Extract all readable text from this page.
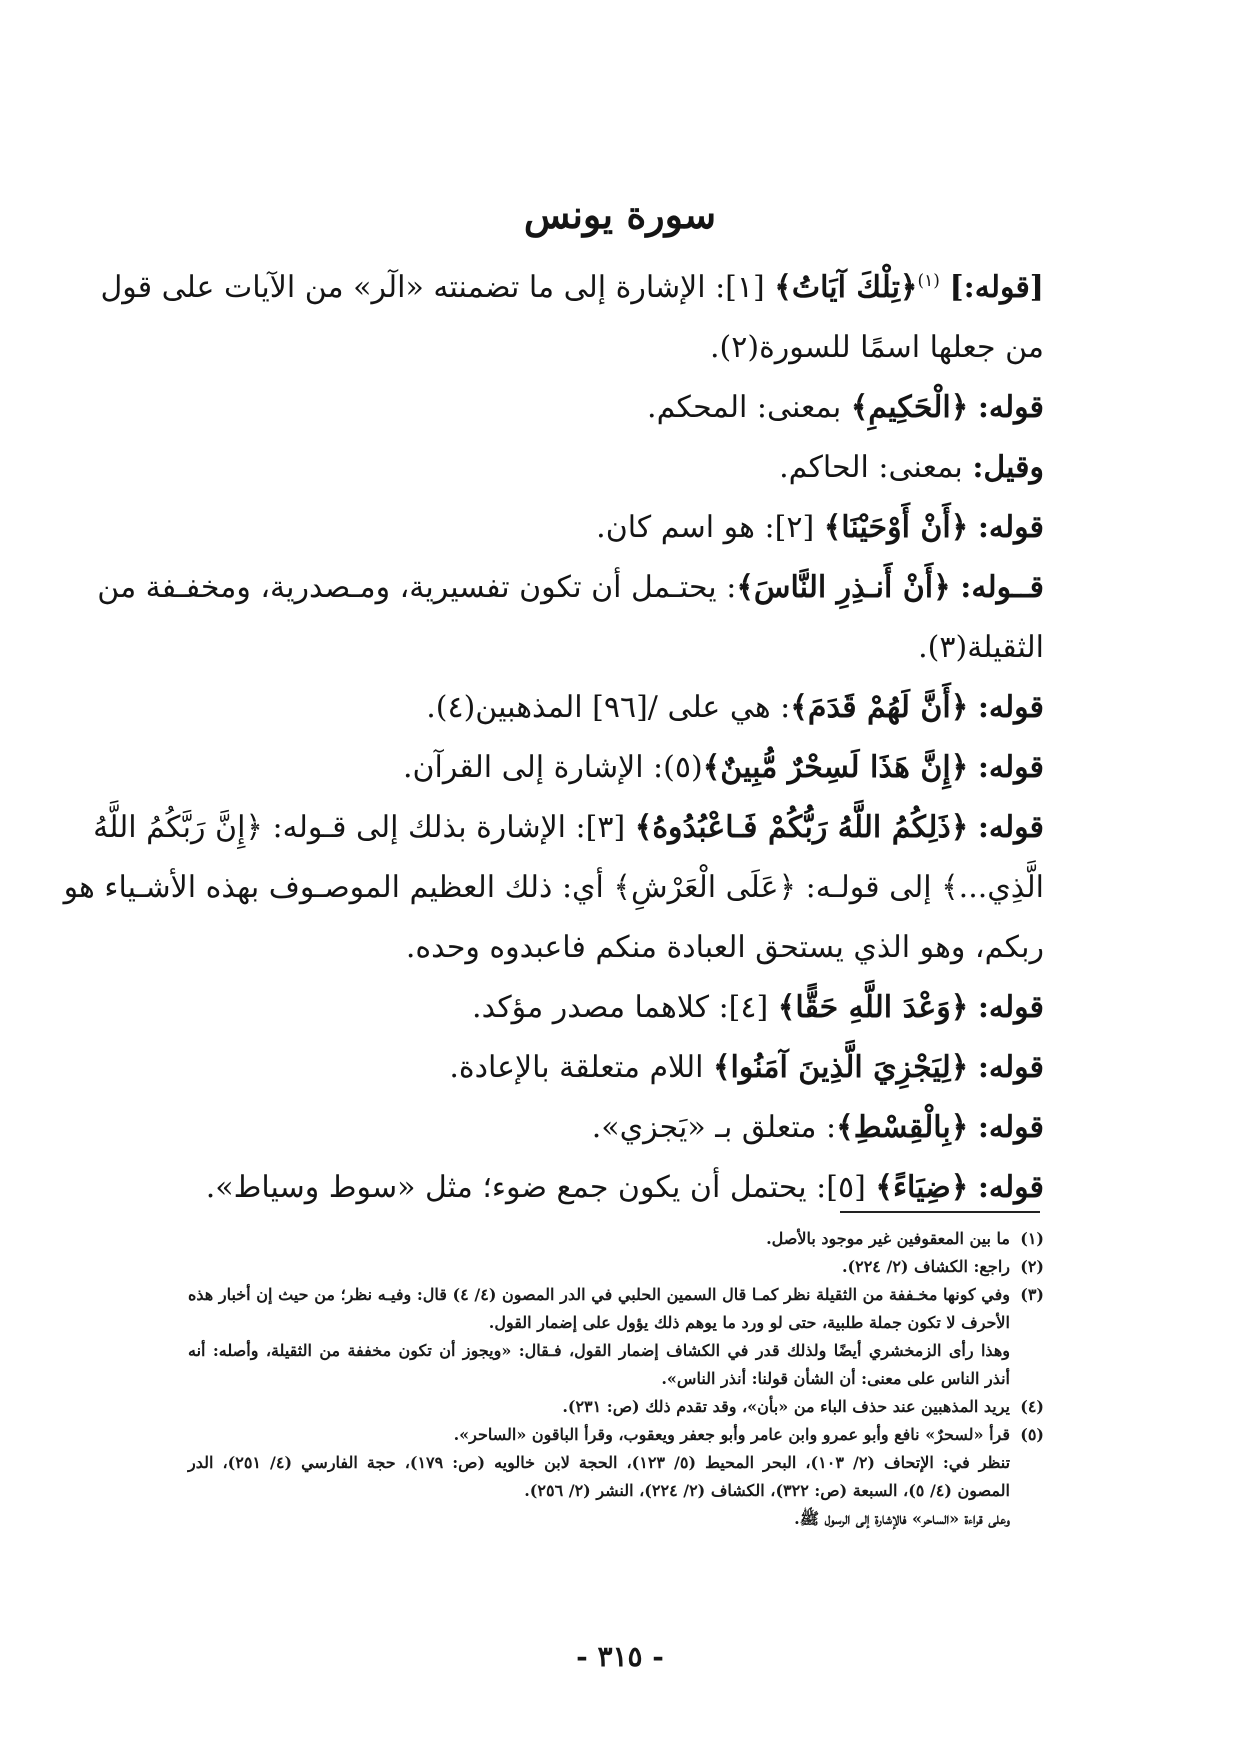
سورة يونس
[قوله:] $^{(١)}$﴿تِلْكَ آيَاتُ﴾ [١]: الإشارة إلى ما تضمنته «الٓر» من الآيات على قول
من جعلها اسمًا للسورة(٢).
قوله: ﴿الْحَكِيمِ﴾ بمعنى: المحكم.
وقيل: بمعنى: الحاكم.
قوله: ﴿أَنْ أَوْحَيْنَا﴾ [٢]: هو اسم كان.
قــوله: ﴿أَنْ أَنـذِرِ النَّاسَ﴾: يحتـمل أن تكون تفسيرية، ومـصدرية، ومخفـفة من
الثقيلة(٣).
قوله: ﴿أَنَّ لَهُمْ قَدَمَ﴾: هي على /[٩٦] المذهبين(٤).
قوله: ﴿إِنَّ هَذَا لَسِحْرٌ مُّبِينٌ﴾(٥): الإشارة إلى القرآن.
قوله: ﴿ذَلِكُمُ اللَّهُ رَبُّكُمْ فَـاعْبُدُوهُ﴾ [٣]: الإشارة بذلك إلى قـوله: ﴿إِنَّ رَبَّكُمُ اللَّهُ
الَّذِي...﴾ إلى قولـه: ﴿عَلَى الْعَرْشِ﴾ أي: ذلك العظيم الموصـوف بهذه الأشـياء هو
ربكم، وهو الذي يستحق العبادة منكم فاعبدوه وحده.
قوله: ﴿وَعْدَ اللَّهِ حَقًّا﴾ [٤]: كلاهما مصدر مؤكد.
قوله: ﴿لِيَجْزِيَ الَّذِينَ آمَنُوا﴾ اللام متعلقة بالإعادة.
قوله: ﴿بِالْقِسْطِ﴾: متعلق بـ «يَجزي».
قوله: ﴿ضِيَاءً﴾ [٥]: يحتمل أن يكون جمع ضوء؛ مثل «سوط وسياط».
(١)ما بين المعقوفين غير موجود بالأصل.
(٢)راجع: الكشاف (٢/ ٢٢٤).
(٣)وفي كونها مخـففة من الثقيلة نظر كمـا قال السمين الحلبي في الدر المصون (٤/ ٤) قال: وفيـه نظر؛ من حيث إن أخبار هذه
الأحرف لا تكون جملة طلبية، حتى لو ورد ما يوهم ذلك يؤول على إضمار القول.
وهذا رأى الزمخشري أيضًا ولذلك قدر في الكشاف إضمار القول، فـقال: «ويجوز أن تكون مخففة من الثقيلة، وأصله: أنه
أنذر الناس على معنى: أن الشأن قولنا: أنذر الناس».
(٤)يريد المذهبين عند حذف الباء من «بأن»، وقد تقدم ذلك (ص: ٢٣١).
(٥)قرأ «لسحرٌ» نافع وأبو عمرو وابن عامر وأبو جعفر ويعقوب، وقرأ الباقون «الساحر».
تنظر في: الإتحاف (٢/ ١٠٣)، البحر المحيط (٥/ ١٢٣)، الحجة لابن خالويه (ص: ١٧٩)، حجة الفارسي (٤/ ٢٥١)، الدر
المصون (٤/ ٥)، السبعة (ص: ٣٢٢)، الكشاف (٢/ ٢٢٤)، النشر (٢/ ٢٥٦).
وعلى قراءة «الساحر» فالإشارة إلى الرسول ﷺ.
- ٣١٥ -
